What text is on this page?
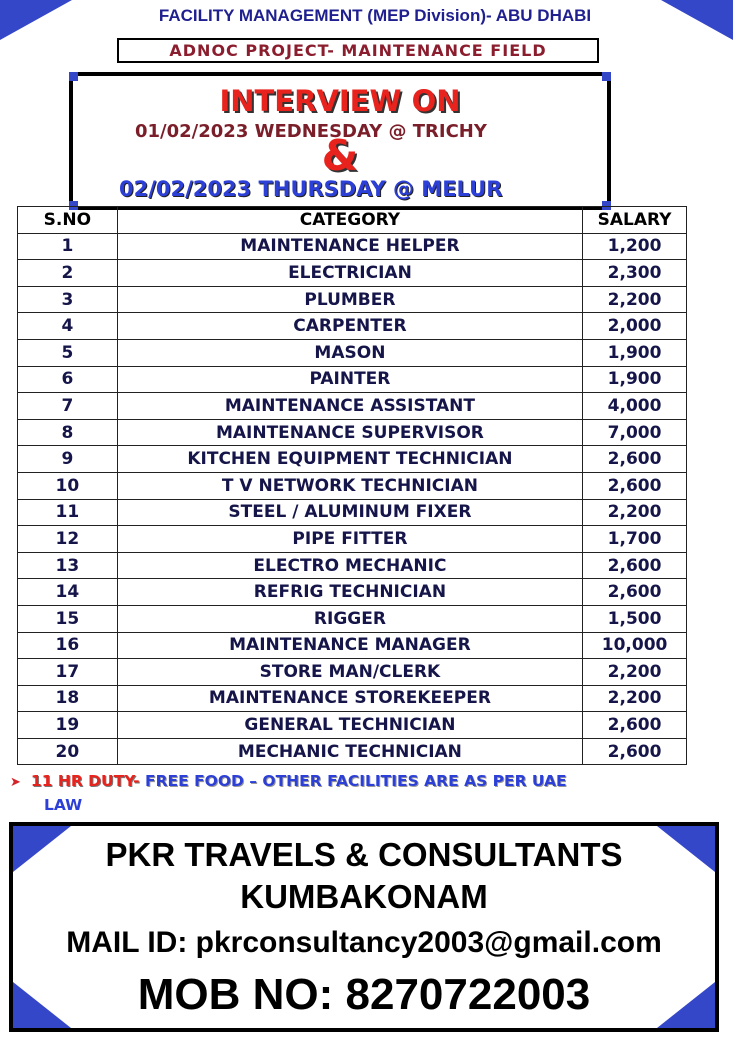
FACILITY MANAGEMENT (MEP Division)- ABU DHABI
ADNOC PROJECT- MAINTENANCE FIELD
INTERVIEW ON
01/02/2023 WEDNESDAY @ TRICHY
&
02/02/2023 THURSDAY @ MELUR
S.NO	CATEGORY	SALARY
1	MAINTENANCE HELPER	1,200
2	ELECTRICIAN	2,300
3	PLUMBER	2,200
4	CARPENTER	2,000
5	MASON	1,900
6	PAINTER	1,900
7	MAINTENANCE ASSISTANT	4,000
8	MAINTENANCE SUPERVISOR	7,000
9	KITCHEN EQUIPMENT TECHNICIAN	2,600
10	T V NETWORK TECHNICIAN	2,600
11	STEEL / ALUMINUM FIXER	2,200
12	PIPE FITTER	1,700
13	ELECTRO MECHANIC	2,600
14	REFRIG TECHNICIAN	2,600
15	RIGGER	1,500
16	MAINTENANCE MANAGER	10,000
17	STORE MAN/CLERK	2,200
18	MAINTENANCE STOREKEEPER	2,200
19	GENERAL TECHNICIAN	2,600
20	MECHANIC TECHNICIAN	2,600
➤ 11 HR DUTY- FREE FOOD – OTHER FACILITIES ARE AS PER UAE
LAW
PKR TRAVELS & CONSULTANTS
KUMBAKONAM
MAIL ID: pkrconsultancy2003@gmail.com
MOB NO: 8270722003
